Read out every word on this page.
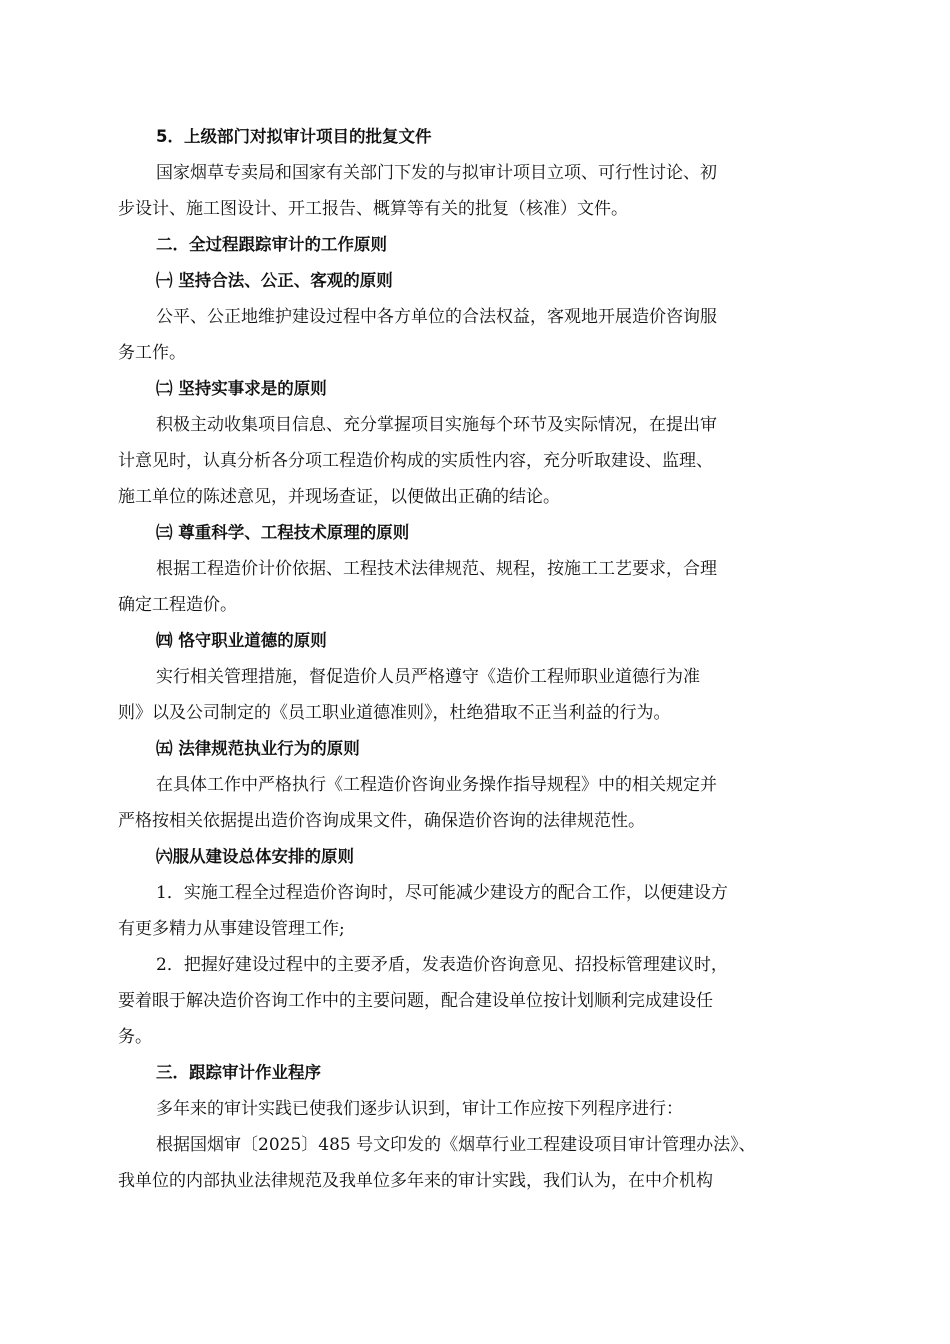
5．上级部门对拟审计项目的批复文件
国家烟草专卖局和国家有关部门下发的与拟审计项目立项、可行性讨论、初
步设计、施工图设计、开工报告、概算等有关的批复（核准）文件。
二．全过程跟踪审计的工作原则
㈠ 坚持合法、公正、客观的原则
公平、公正地维护建设过程中各方单位的合法权益，客观地开展造价咨询服
务工作。
㈡ 坚持实事求是的原则
积极主动收集项目信息、充分掌握项目实施每个环节及实际情况，在提出审
计意见时，认真分析各分项工程造价构成的实质性内容，充分听取建设、监理、
施工单位的陈述意见，并现场查证，以便做出正确的结论。
㈢ 尊重科学、工程技术原理的原则
根据工程造价计价依据、工程技术法律规范、规程，按施工工艺要求，合理
确定工程造价。
㈣ 恪守职业道德的原则
实行相关管理措施，督促造价人员严格遵守《造价工程师职业道德行为准
则》以及公司制定的《员工职业道德准则》，杜绝猎取不正当利益的行为。
㈤ 法律规范执业行为的原则
在具体工作中严格执行《工程造价咨询业务操作指导规程》中的相关规定并
严格按相关依据提出造价咨询成果文件，确保造价咨询的法律规范性。
㈥服从建设总体安排的原则
1．实施工程全过程造价咨询时，尽可能减少建设方的配合工作，以便建设方
有更多精力从事建设管理工作;
2．把握好建设过程中的主要矛盾，发表造价咨询意见、招投标管理建议时，
要着眼于解决造价咨询工作中的主要问题，配合建设单位按计划顺利完成建设任
务。
三．跟踪审计作业程序
多年来的审计实践已使我们逐步认识到，审计工作应按下列程序进行：
根据国烟审〔2025〕485 号文印发的《烟草行业工程建设项目审计管理办法》、
我单位的内部执业法律规范及我单位多年来的审计实践，我们认为，在中介机构
